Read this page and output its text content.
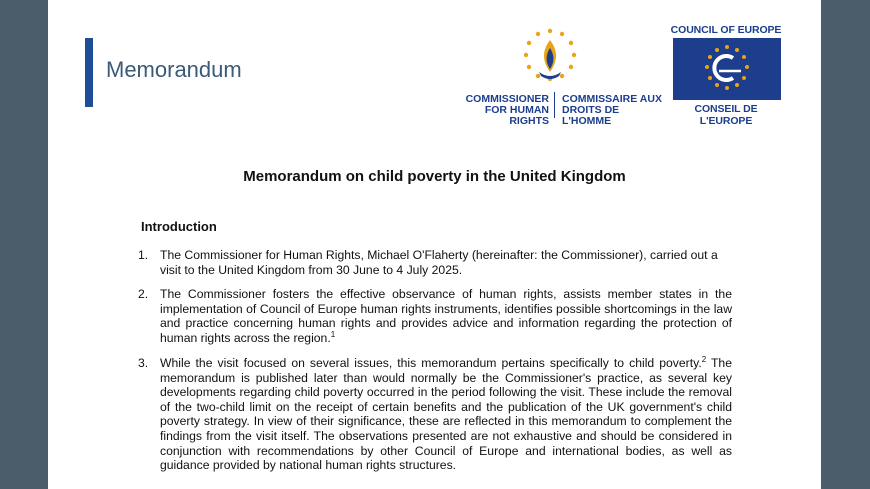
Memorandum
COMMISSIONER
FOR HUMAN RIGHTS
COMMISSAIRE AUX
DROITS DE L'HOMME
COUNCIL OF EUROPE
CONSEIL DE L'EUROPE
Memorandum on child poverty in the United Kingdom
Introduction
1. The Commissioner for Human Rights, Michael O'Flaherty (hereinafter: the Commissioner), carried out a visit to the United Kingdom from 30 June to 4 July 2025.
2. The Commissioner fosters the effective observance of human rights, assists member states in the implementation of Council of Europe human rights instruments, identifies possible shortcomings in the law and practice concerning human rights and provides advice and information regarding the protection of human rights across the region.$^1$
3. While the visit focused on several issues, this memorandum pertains specifically to child poverty.$^2$ The memorandum is published later than would normally be the Commissioner's practice, as several key developments regarding child poverty occurred in the period following the visit. These include the removal of the two-child limit on the receipt of certain benefits and the publication of the UK government's child poverty strategy. In view of their significance, these are reflected in this memorandum to complement the findings from the visit itself. The observations presented are not exhaustive and should be considered in conjunction with recommendations by other Council of Europe and international bodies, as well as guidance provided by national human rights structures.
